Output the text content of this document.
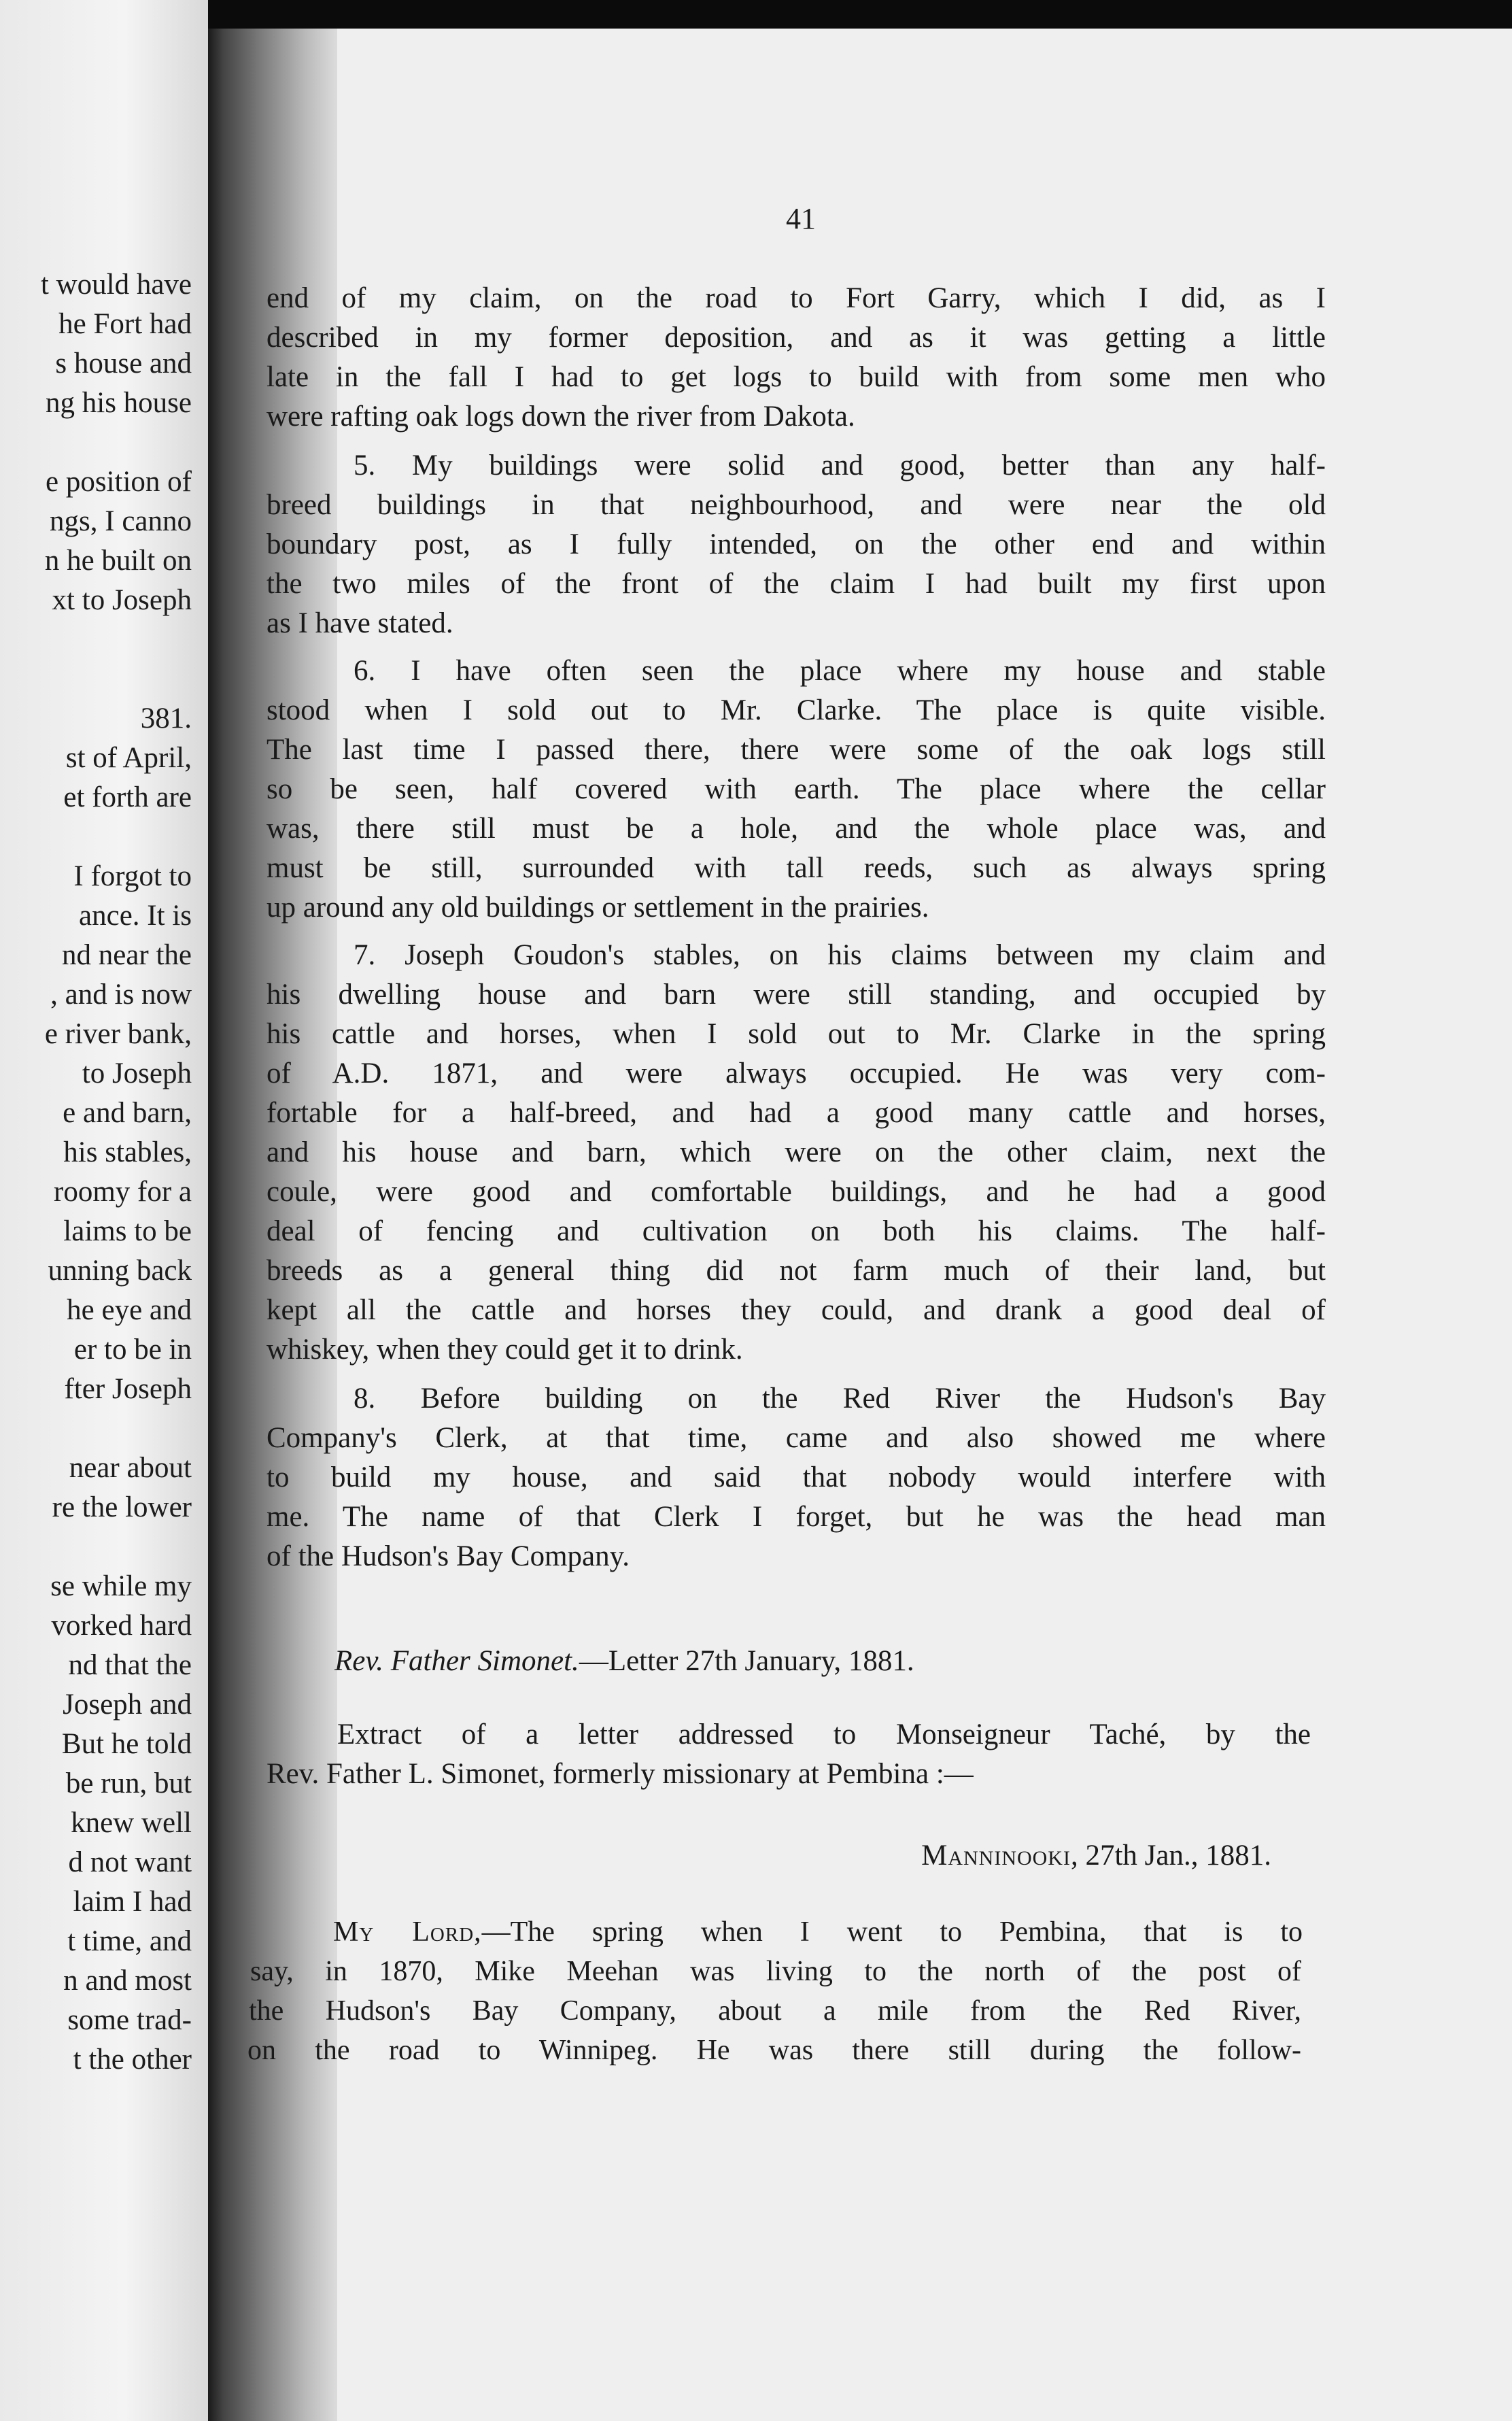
t would have
he Fort had
s house and
ng his house
e position of
ngs, I canno
n he built on
xt to Joseph
381.
st of April,
et forth are
I forgot to
ance. It is
nd near the
, and is now
e river bank,
to Joseph
e and barn,
his stables,
roomy for a
laims to be
unning back
he eye and
er to be in
fter Joseph
near about
re the lower
se while my
vorked hard
nd that the
Joseph and
But he told
be run, but
knew well
d not want
laim I had
t time, and
n and most
some trad-
t the other
41
end of my claim, on the road to Fort Garry, which I did, as I
described in my former deposition, and as it was getting a little
late in the fall I had to get logs to build with from some men who
were rafting oak logs down the river from Dakota.
5. My buildings were solid and good, better than any half-
breed buildings in that neighbourhood, and were near the old
boundary post, as I fully intended, on the other end and within
the two miles of the front of the claim I had built my first upon
as I have stated.
6. I have often seen the place where my house and stable
stood when I sold out to Mr. Clarke. The place is quite visible.
The last time I passed there, there were some of the oak logs still
so be seen, half covered with earth. The place where the cellar
was, there still must be a hole, and the whole place was, and
must be still, surrounded with tall reeds, such as always spring
up around any old buildings or settlement in the prairies.
7. Joseph Goudon's stables, on his claims between my claim and
his dwelling house and barn were still standing, and occupied by
his cattle and horses, when I sold out to Mr. Clarke in the spring
of A.D. 1871, and were always occupied. He was very com-
fortable for a half-breed, and had a good many cattle and horses,
and his house and barn, which were on the other claim, next the
coule, were good and comfortable buildings, and he had a good
deal of fencing and cultivation on both his claims. The half-
breeds as a general thing did not farm much of their land, but
kept all the cattle and horses they could, and drank a good deal of
whiskey, when they could get it to drink.
8. Before building on the Red River the Hudson's Bay
Company's Clerk, at that time, came and also showed me where
to build my house, and said that nobody would interfere with
me. The name of that Clerk I forget, but he was the head man
of the Hudson's Bay Company.
Rev. Father Simonet.—Letter 27th January, 1881.
Extract of a letter addressed to Monseigneur Taché, by the
Rev. Father L. Simonet, formerly missionary at Pembina :—
Manninooki, 27th Jan., 1881.
My Lord,—The spring when I went to Pembina, that is to
say, in 1870, Mike Meehan was living to the north of the post of
the Hudson's Bay Company, about a mile from the Red River,
on the road to Winnipeg. He was there still during the follow-
